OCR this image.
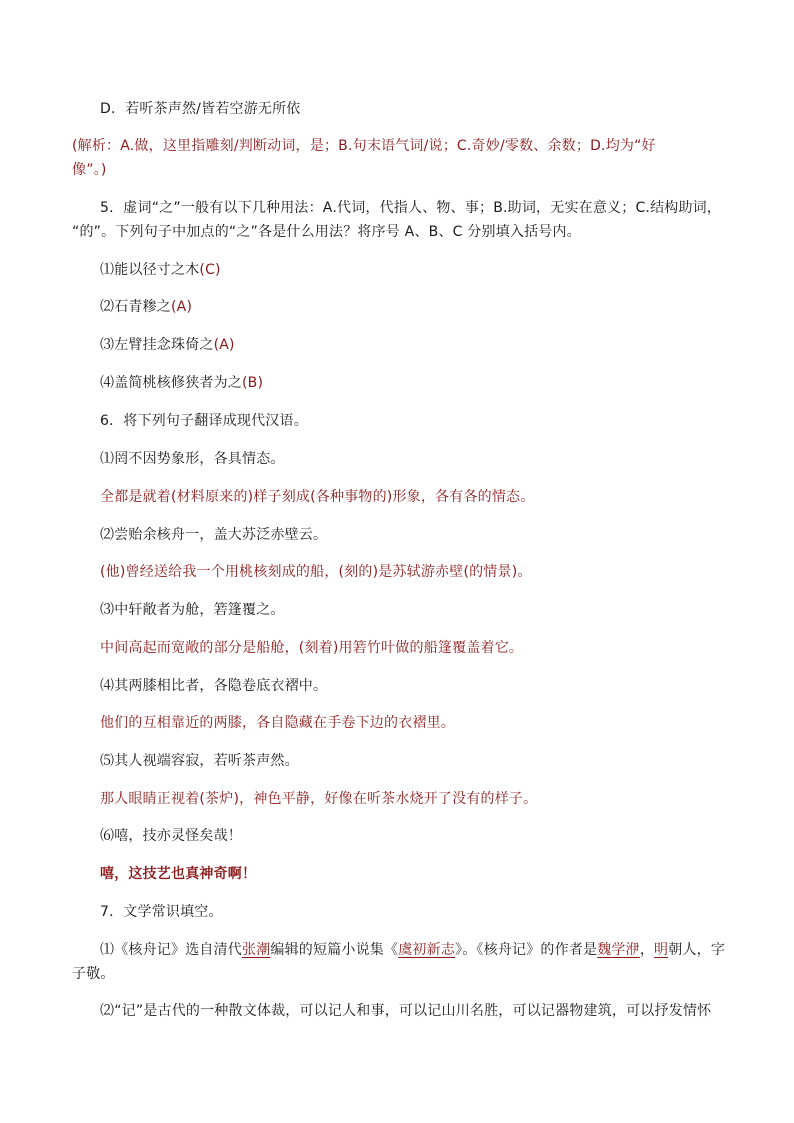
D．若听茶声然/皆若空游无所依
(解析：A.做，这里指雕刻/判断动词，是；B.句末语气词/说；C.奇妙/零数、余数；D.均为“好
像”。)
5．虚词“之”一般有以下几种用法：A.代词，代指人、物、事；B.助词，无实在意义；C.结构助词，
“的”。下列句子中加点的“之”各是什么用法？将序号 A、B、C 分别填入括号内。
⑴能以径寸之木(C)
⑵石青糁之(A)
⑶左臂挂念珠倚之(A)
⑷盖简桃核修狭者为之(B)
6．将下列句子翻译成现代汉语。
⑴罔不因势象形，各具情态。
全都是就着(材料原来的)样子刻成(各种事物的)形象，各有各的情态。
⑵尝贻余核舟一，盖大苏泛赤壁云。
(他)曾经送给我一个用桃核刻成的船，(刻的)是苏轼游赤壁(的情景)。
⑶中轩敞者为舱，箬篷覆之。
中间高起而宽敞的部分是船舱，(刻着)用箬竹叶做的船篷覆盖着它。
⑷其两膝相比者，各隐卷底衣褶中。
他们的互相靠近的两膝，各自隐藏在手卷下边的衣褶里。
⑸其人视端容寂，若听茶声然。
那人眼睛正视着(茶炉)，神色平静，好像在听茶水烧开了没有的样子。
⑹嘻，技亦灵怪矣哉！
嘻，这技艺也真神奇啊！
7．文学常识填空。
⑴《核舟记》选自清代张潮编辑的短篇小说集《虞初新志》。《核舟记》的作者是魏学洢，明朝人，字
子敬。
⑵“记”是古代的一种散文体裁，可以记人和事，可以记山川名胜，可以记器物建筑，可以抒发情怀
